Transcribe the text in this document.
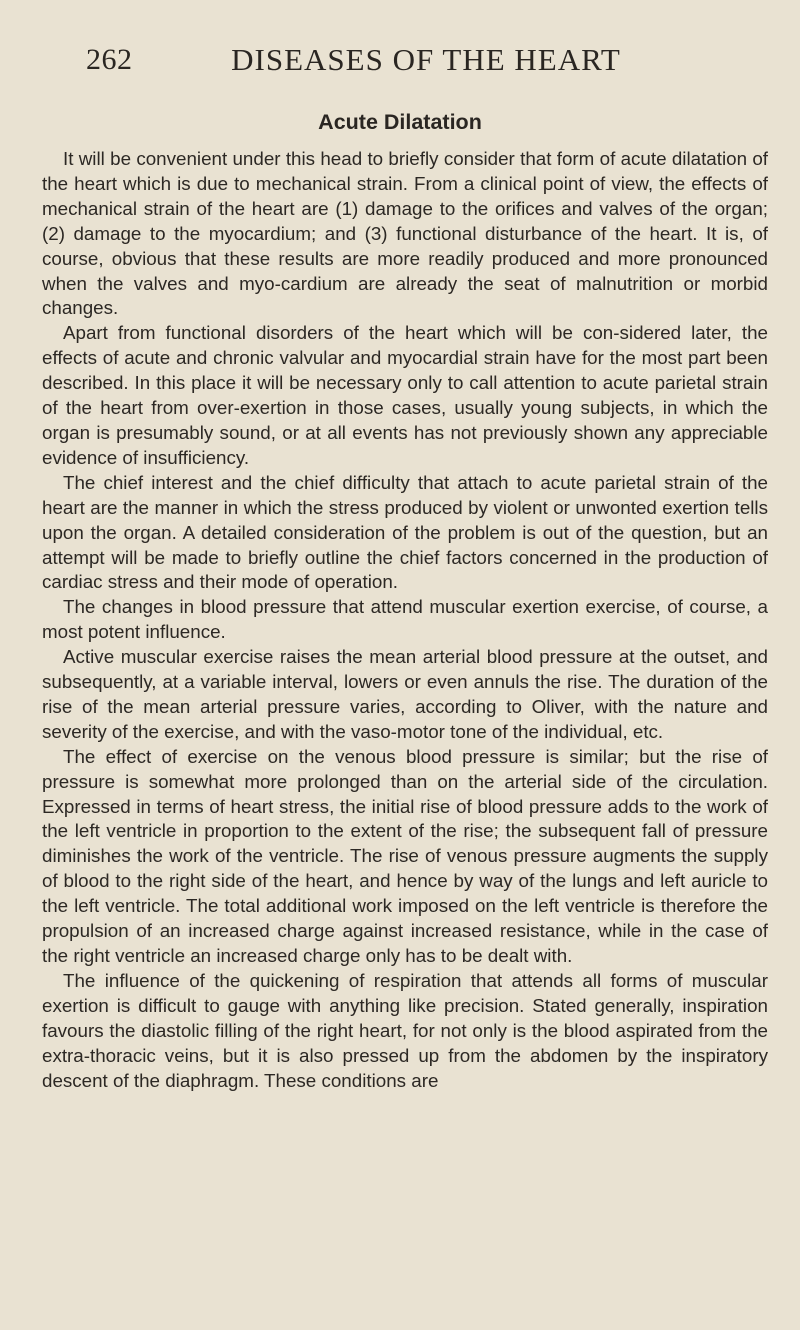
262	DISEASES OF THE HEART
Acute Dilatation

It will be convenient under this head to briefly consider that form of acute dilatation of the heart which is due to mechanical strain. From a clinical point of view, the effects of mechanical strain of the heart are (1) damage to the orifices and valves of the organ; (2) damage to the myocardium; and (3) functional disturbance of the heart. It is, of course, obvious that these results are more readily produced and more pronounced when the valves and myo-cardium are already the seat of malnutrition or morbid changes.

Apart from functional disorders of the heart which will be con-sidered later, the effects of acute and chronic valvular and myocardial strain have for the most part been described. In this place it will be necessary only to call attention to acute parietal strain of the heart from over-exertion in those cases, usually young subjects, in which the organ is presumably sound, or at all events has not previously shown any appreciable evidence of insufficiency.

The chief interest and the chief difficulty that attach to acute parietal strain of the heart are the manner in which the stress produced by violent or unwonted exertion tells upon the organ. A detailed consideration of the problem is out of the question, but an attempt will be made to briefly outline the chief factors concerned in the production of cardiac stress and their mode of operation.

The changes in blood pressure that attend muscular exertion exercise, of course, a most potent influence.

Active muscular exercise raises the mean arterial blood pressure at the outset, and subsequently, at a variable interval, lowers or even annuls the rise. The duration of the rise of the mean arterial pressure varies, according to Oliver, with the nature and severity of the exercise, and with the vaso-motor tone of the individual, etc.

The effect of exercise on the venous blood pressure is similar; but the rise of pressure is somewhat more prolonged than on the arterial side of the circulation. Expressed in terms of heart stress, the initial rise of blood pressure adds to the work of the left ventricle in proportion to the extent of the rise; the subsequent fall of pressure diminishes the work of the ventricle. The rise of venous pressure augments the supply of blood to the right side of the heart, and hence by way of the lungs and left auricle to the left ventricle. The total additional work imposed on the left ventricle is therefore the propulsion of an increased charge against increased resistance, while in the case of the right ventricle an increased charge only has to be dealt with.

The influence of the quickening of respiration that attends all forms of muscular exertion is difficult to gauge with anything like precision. Stated generally, inspiration favours the diastolic filling of the right heart, for not only is the blood aspirated from the extra-thoracic veins, but it is also pressed up from the abdomen by the inspiratory descent of the diaphragm. These conditions are
